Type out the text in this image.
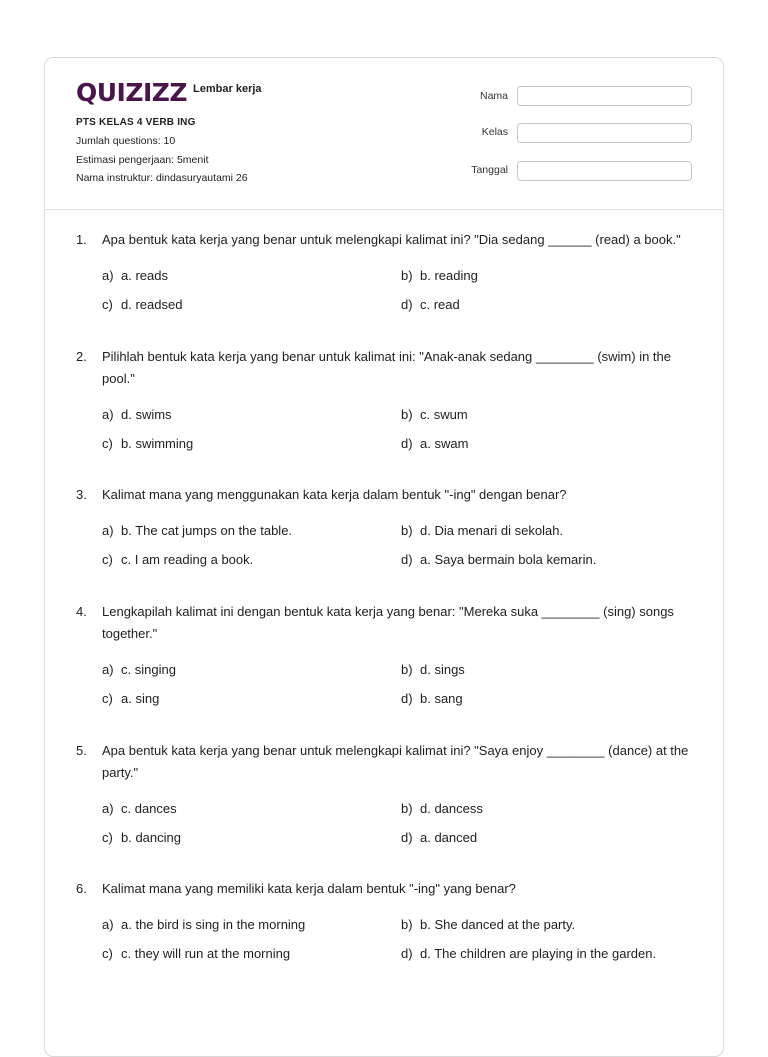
QUIZIZZ Lembar kerja
PTS KELAS 4 VERB ING
Jumlah questions: 10
Estimasi pengerjaan: 5menit
Nama instruktur: dindasuryautami 26
Nama
Kelas
Tanggal
1. Apa bentuk kata kerja yang benar untuk melengkapi kalimat ini? "Dia sedang ______ (read) a book."
a) a. reads	b) b. reading
c) d. readsed	d) c. read
2. Pilihlah bentuk kata kerja yang benar untuk kalimat ini: "Anak-anak sedang ________ (swim) in the pool."
a) d. swims	b) c. swum
c) b. swimming	d) a. swam
3. Kalimat mana yang menggunakan kata kerja dalam bentuk "-ing" dengan benar?
a) b. The cat jumps on the table.	b) d. Dia menari di sekolah.
c) c. I am reading a book.	d) a. Saya bermain bola kemarin.
4. Lengkapilah kalimat ini dengan bentuk kata kerja yang benar: "Mereka suka ________ (sing) songs together."
a) c. singing	b) d. sings
c) a. sing	d) b. sang
5. Apa bentuk kata kerja yang benar untuk melengkapi kalimat ini? "Saya enjoy ________ (dance) at the party."
a) c. dances	b) d. dancess
c) b. dancing	d) a. danced
6. Kalimat mana yang memiliki kata kerja dalam bentuk "-ing" yang benar?
a) a. the bird is sing in the morning	b) b. She danced at the party.
c) c. they will run at the morning	d) d. The children are playing in the garden.
